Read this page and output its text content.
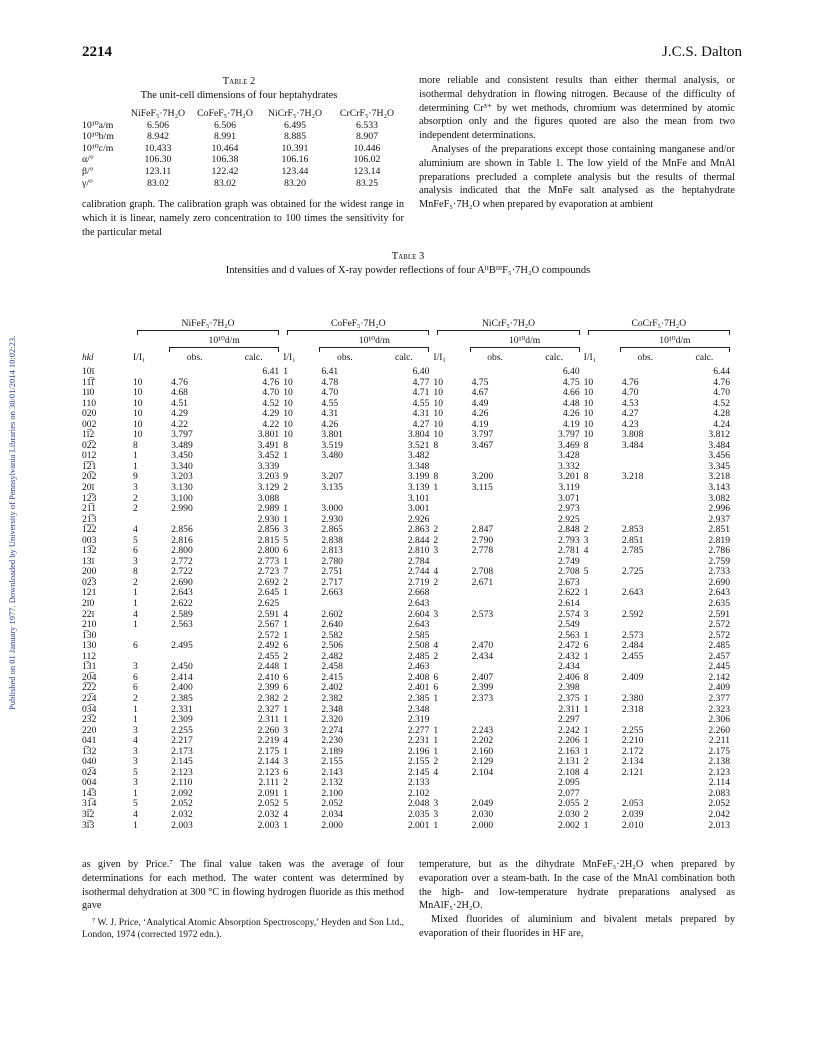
Published on 01 January 1977. Downloaded by University of Pennsylvania Libraries on 30/01/2014 10:02:23.
2214	J.C.S. Dalton
Table 2
The unit-cell dimensions of four heptahydrates
	NiFeF₅·7H₂O	CoFeF₅·7H₂O	NiCrF₅·7H₂O	CrCrF₅·7H₂O
10¹⁰a/m	6.506	6.506	6.495	6.533
10¹⁰b/m	8.942	8.991	8.885	8.907
10¹⁰c/m	10.433	10.464	10.391	10.446
α/°	106.30	106.38	106.16	106.02
β/°	123.11	122.42	123.44	123.14
γ/°	83.02	83.02	83.20	83.25
calibration graph. The calibration graph was obtained for the widest range in which it is linear, namely zero concentration to 100 times the sensitivity for the particular metal

more reliable and consistent results than either thermal analysis, or isothermal dehydration in flowing nitrogen. Because of the difficulty of determining Cr³⁺ by wet methods, chromium was determined by atomic absorption only and the figures quoted are also the mean from two independent determinations.

Analyses of the preparations except those containing manganese and/or aluminium are shown in Table 1. The low yield of the MnFe and MnAl preparations precluded a complete analysis but the results of thermal analysis indicated that the MnFe salt analysed as the heptahydrate MnFeF₅·7H₂O when prepared by evaporation at ambient

Table 3
Intensities and d values of X-ray powder reflections of four AᴵᴵBᴵᴵᴵF₅·7H₂O compounds
	NiFeF₅·7H₂O			CoFeF₅·7H₂O			NiCrF₅·7H₂O			CoCrF₅·7H₂O		

		10¹⁰d/m			10¹⁰d/m			10¹⁰d/m			10¹⁰d/m	

hkl	I/I₁	obs.	calc.	I/I₁	obs.	calc.	I/I₁	obs.	calc.	I/I₁	obs.	calc.
10ī			6.41	1	6.41	6.40			6.40			6.44
11̅ī̂	10	4.76	4.76	10	4.78	4.77	10	4.75	4.75	10	4.76	4.76
1ī0	10	4.68	4.70	10	4.70	4.71	10	4.67	4.66	10	4.70	4.70
110	10	4.51	4.52	10	4.55	4.55	10	4.49	4.48	10	4.53	4.52
020	10	4.29	4.29	10	4.31	4.31	10	4.26	4.26	10	4.27	4.28
002	10	4.22	4.22	10	4.26	4.27	10	4.19	4.19	10	4.23	4.24
1ī̅2	10	3.797	3.801	10	3.801	3.804	10	3.797	3.797	10	3.808	3.812
02̅2	8	3.489	3.491	8	3.519	3.521	8	3.467	3.469	8	3.484	3.484
012	1	3.450	3.452	1	3.480	3.482			3.428			3.456
1̅2̅1	1	3.340	3.339			3.348			3.332			3.345
20̅2	9	3.203	3.203	9	3.207	3.199	8	3.200	3.201	8	3.218	3.218
20ī	3	3.130	3.129	2	3.135	3.139	1	3.115	3.119			3.143
12̅3	2	3.100	3.088			3.101			3.071			3.082
21̅1	2	2.990	2.989	1	3.000	3.001			2.973			2.996
21̅3			2.930	1	2.930	2.926			2.925			2.937
1̅2̅2	4	2.856	2.856	3	2.865	2.863	2	2.847	2.848	2	2.853	2.851
003	5	2.816	2.815	5	2.838	2.844	2	2.790	2.793	3	2.851	2.819
13̅2	6	2.800	2.800	6	2.813	2.810	3	2.778	2.781	4	2.785	2.786
13ī	3	2.772	2.773	1	2.780	2.784			2.749			2.759
200	8	2.722	2.723	7	2.751	2.744	4	2.708	2.708	5	2.725	2.733
02̅3	2	2.690	2.692	2	2.717	2.719	2	2.671	2.673			2.690
121	1	2.643	2.645	1	2.663	2.668			2.622	1	2.643	2.643
2ī0	1	2.622	2.625			2.643			2.614			2.635
22ī	4	2.589	2.591	4	2.602	2.604	3	2.573	2.574	3	2.592	2.591
210	1	2.563	2.567	1	2.640	2.643			2.549			2.572
1̅30			2.572	1	2.582	2.585			2.563	1	2.573	2.572
130	6	2.495	2.492	6	2.506	2.508	4	2.470	2.472	6	2.484	2.485
112			2.455	2	2.482	2.485	2	2.434	2.432	1	2.455	2.457
1̅31	3	2.450	2.448	1	2.458	2.463			2.434			2.445
20̅4	6	2.414	2.410	6	2.415	2.408	6	2.407	2.406	8	2.409	2.142
2̅2̅2	6	2.400	2.399	6	2.402	2.401	6	2.399	2.398			2.409
22̅4	2	2.385	2.382	2	2.382	2.385	1	2.373	2.375	1	2.380	2.377
03̅4	1	2.331	2.327	1	2.348	2.348			2.311	1	2.318	2.323
23̅2	1	2.309	2.311	1	2.320	2.319			2.297			2.306
220	3	2.255	2.260	3	2.274	2.277	1	2.243	2.242	1	2.255	2.260
041	4	2.217	2.219	4	2.230	2.231	1	2.202	2.206	1	2.210	2.211
1̅32	3	2.173	2.175	1	2.189	2.196	1	2.160	2.163	1	2.172	2.175
040	3	2.145	2.144	3	2.155	2.155	2	2.129	2.131	2	2.134	2.138
02̅4	5	2.123	2.123	6	2.143	2.145	4	2.104	2.108	4	2.121	2.123
004	3	2.110	2.111	2	2.132	2.133			2.095			2.114
14̅3	1	2.092	2.091	1	2.100	2.102			2.077			2.083
31̅4	5	2.052	2.052	5	2.052	2.048	3	2.049	2.055	2	2.053	2.052
3ī̅2	4	2.032	2.032	4	2.034	2.035	3	2.030	2.030	2	2.039	2.042
3ī̅3	1	2.003	2.003	1	2.000	2.001	1	2.000	2.002	1	2.010	2.013

as given by Price.⁷ The final value taken was the average of four determinations for each method. The water content was determined by isothermal dehydration at 300 °C in flowing hydrogen fluoride as this method gave

⁷ W. J. Price, ‘Analytical Atomic Absorption Spectroscopy,’ Heyden and Son Ltd., London, 1974 (corrected 1972 edn.).

temperature, but as the dihydrate MnFeF₅·2H₂O when prepared by evaporation over a steam-bath. In the case of the MnAl combination both the high- and low-temperature hydrate preparations analysed as MnAlF₅·2H₂O.

Mixed fluorides of aluminium and bivalent metals prepared by evaporation of their fluorides in HF are,
